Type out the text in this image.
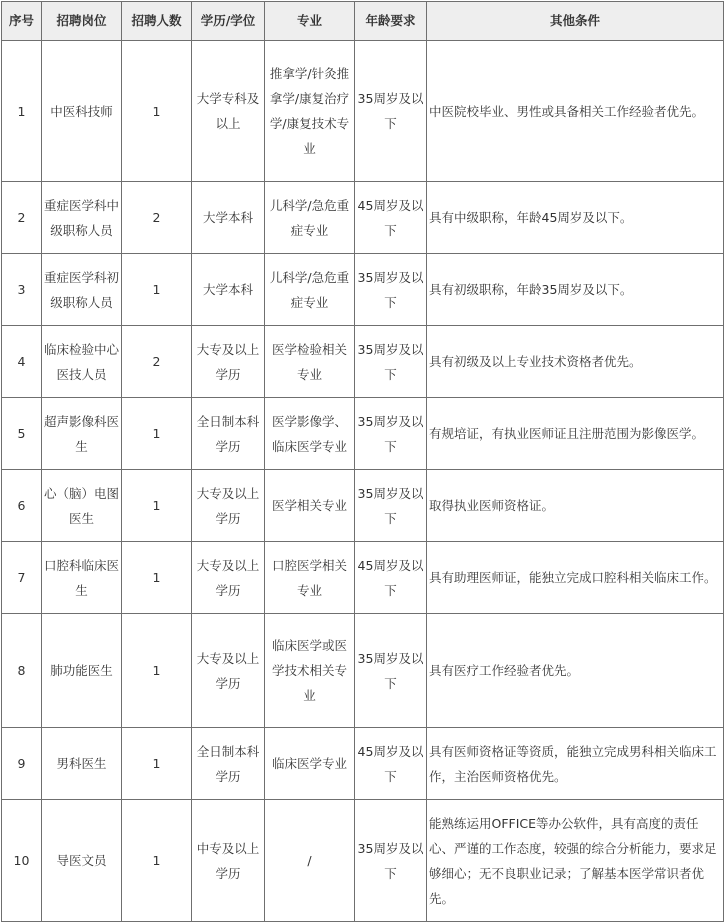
序号	招聘岗位	招聘人数	学历/学位	专业	年龄要求	其他条件
1	中医科技师	1	大学专科及以上	推拿学/针灸推拿学/康复治疗学/康复技术专业	35周岁及以下	中医院校毕业、男性或具备相关工作经验者优先。
2	重症医学科中级职称人员	2	大学本科	儿科学/急危重症专业	45周岁及以下	具有中级职称，年龄45周岁及以下。
3	重症医学科初级职称人员	1	大学本科	儿科学/急危重症专业	35周岁及以下	具有初级职称，年龄35周岁及以下。
4	临床检验中心医技人员	2	大专及以上学历	医学检验相关专业	35周岁及以下	具有初级及以上专业技术资格者优先。
5	超声影像科医生	1	全日制本科学历	医学影像学、临床医学专业	35周岁及以下	有规培证，有执业医师证且注册范围为影像医学。
6	心（脑）电图医生	1	大专及以上学历	医学相关专业	35周岁及以下	取得执业医师资格证。
7	口腔科临床医生	1	大专及以上学历	口腔医学相关专业	45周岁及以下	具有助理医师证，能独立完成口腔科相关临床工作。
8	肺功能医生	1	大专及以上学历	临床医学或医学技术相关专业	35周岁及以下	具有医疗工作经验者优先。
9	男科医生	1	全日制本科学历	临床医学专业	45周岁及以下	具有医师资格证等资质，能独立完成男科相关临床工作，主治医师资格优先。
10	导医文员	1	中专及以上学历	/	35周岁及以下	能熟练运用OFFICE等办公软件，具有高度的责任心、严谨的工作态度，较强的综合分析能力，要求足够细心；无不良职业记录；了解基本医学常识者优先。
